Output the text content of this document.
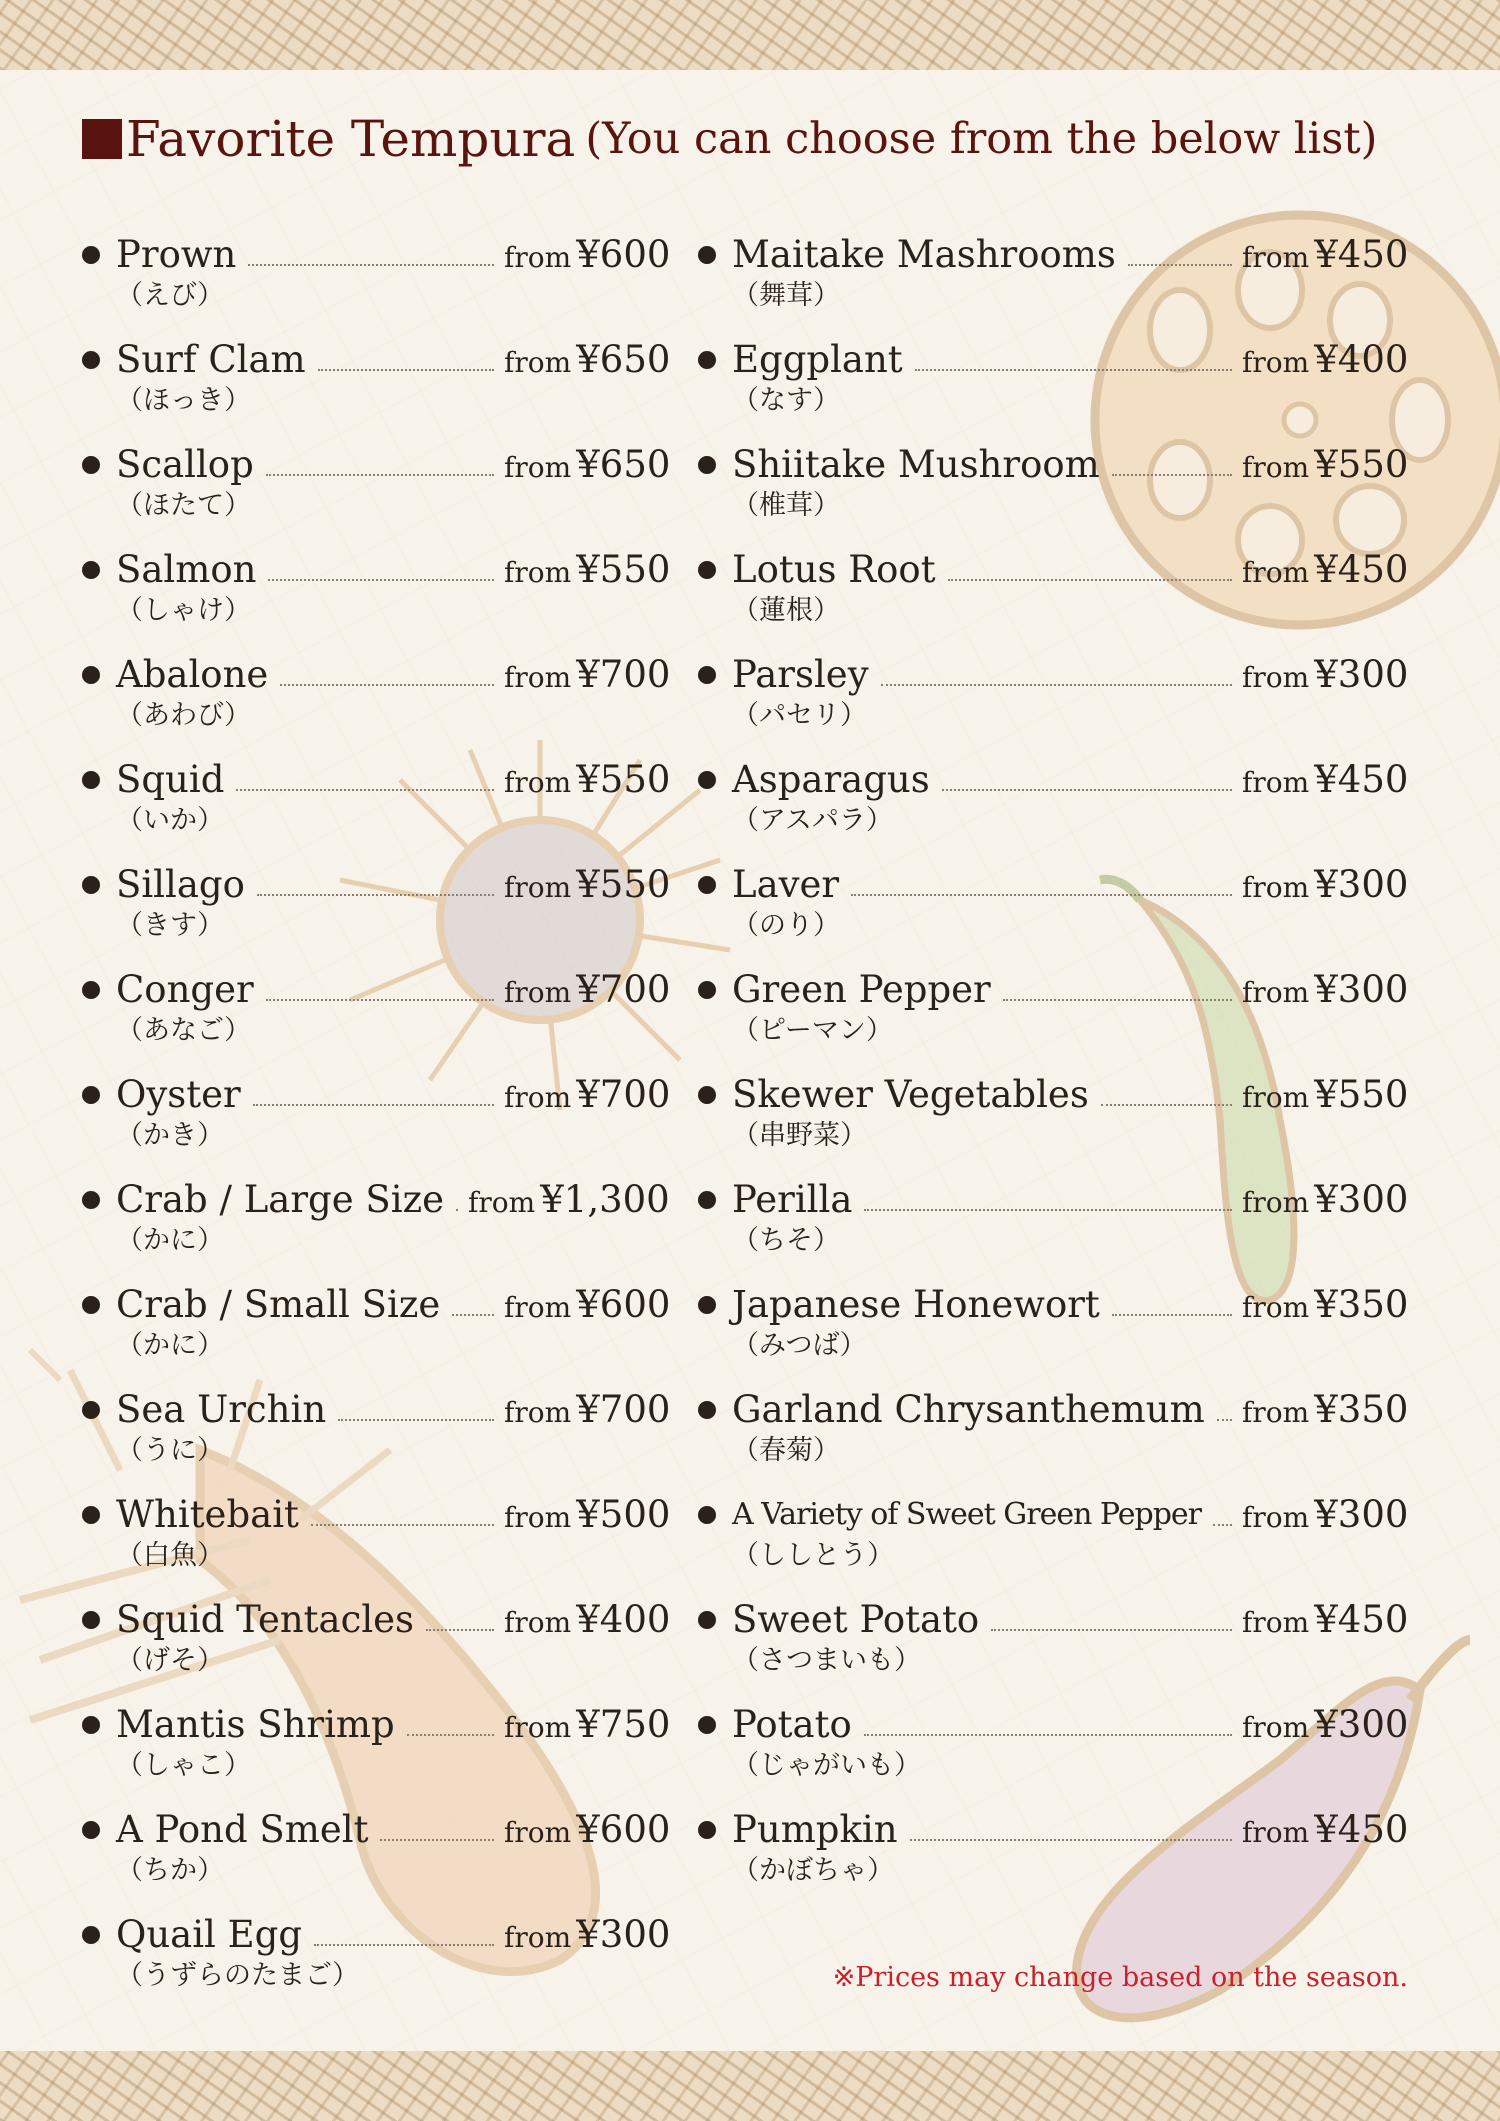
Favorite Tempura (You can choose from the below list)
Prown	from ¥600
（えび）
Surf Clam	from ¥650
（ほっき）
Scallop	from ¥650
（ほたて）
Salmon	from ¥550
（しゃけ）
Abalone	from ¥700
（あわび）
Squid	from ¥550
（いか）
Sillago	from ¥550
（きす）
Conger	from ¥700
（あなご）
Oyster	from ¥700
（かき）
Crab / Large Size from ¥1,300
（かに）
Crab / Small Size from ¥600
（かに）
Sea Urchin	from ¥700
（うに）
Whitebait	from ¥500
（白魚）
Squid Tentacles	from ¥400
（げそ）
Mantis Shrimp	from ¥750
（しゃこ）
A Pond Smelt	from ¥600
（ちか）
Quail Egg	from ¥300
（うずらのたまご）
Maitake Mashrooms	from ¥450
（舞茸）
Eggplant	from ¥400
（なす）
Shiitake Mushroom	from ¥550
（椎茸）
Lotus Root	from ¥450
（蓮根）
Parsley	from ¥300
（パセリ）
Asparagus	from ¥450
（アスパラ）
Laver	from ¥300
（のり）
Green Pepper	from ¥300
（ピーマン）
Skewer Vegetables	from ¥550
（串野菜）
Perilla	from ¥300
（ちそ）
Japanese Honewort	from ¥350
（みつば）
Garland Chrysanthemum from ¥350
（春菊）
A Variety of Sweet Green Pepper from ¥300
（ししとう）
Sweet Potato	from ¥450
（さつまいも）
Potato	from ¥300
（じゃがいも）
Pumpkin	from ¥450
（かぼちゃ）
※Prices may change based on the season.
